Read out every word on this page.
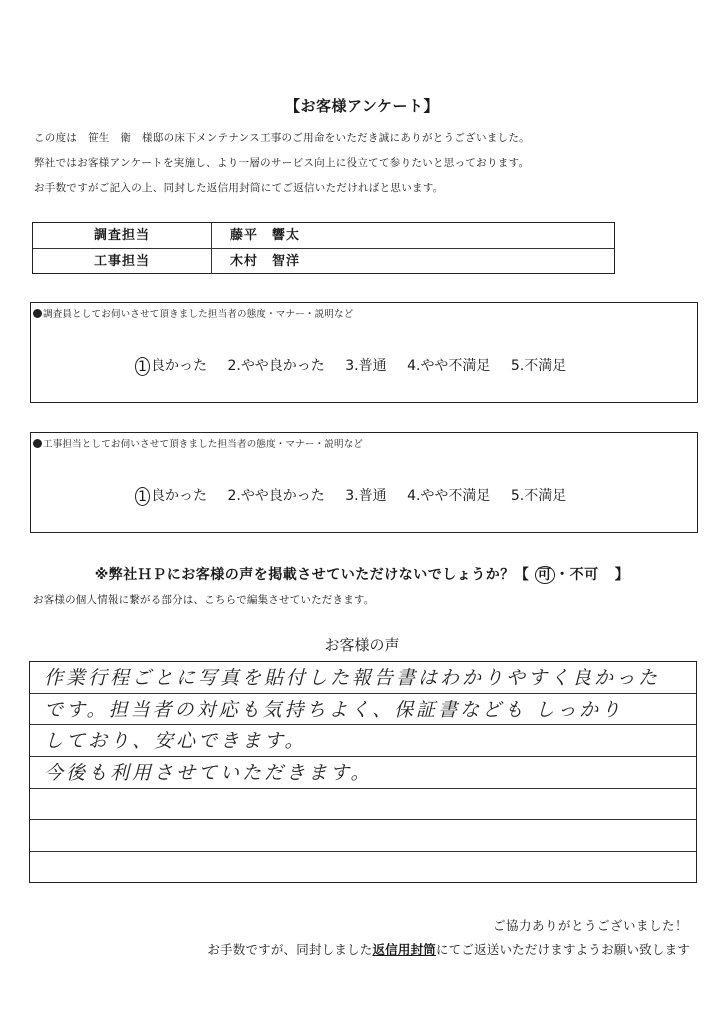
【お客様アンケート】
この度は　笹生　衛　様邸の床下メンテナンス工事のご用命をいただき誠にありがとうございました。
弊社ではお客様アンケートを実施し、より一層のサービス向上に役立てて参りたいと思っております。
お手数ですがご記入の上、同封した返信用封筒にてご返信いただければと思います。
調査担当	藤平　響太
工事担当	木村　智洋
調査員としてお伺いさせて頂きました担当者の態度・マナー・説明など
1 良かった 2.やや良かった 3.普通 4.やや不満足 5.不満足
工事担当としてお伺いさせて頂きました担当者の態度・マナー・説明など
1 良かった 2.やや良かった 3.普通 4.やや不満足 5.不満足
※弊社ＨＰにお客様の声を掲載させていただけないでしょうか？【 可 ・不可 】
お客様の個人情報に繋がる部分は、こちらで編集させていただきます。
お客様の声
作業行程ごとに写真を貼付した報告書はわかりやすく良かった
です。担当者の対応も気持ちよく、保証書なども しっかり
しており、安心できます。
今後も利用させていただきます。
ご協力ありがとうございました！
お手数ですが、同封しました返信用封筒にてご返送いただけますようお願い致します
